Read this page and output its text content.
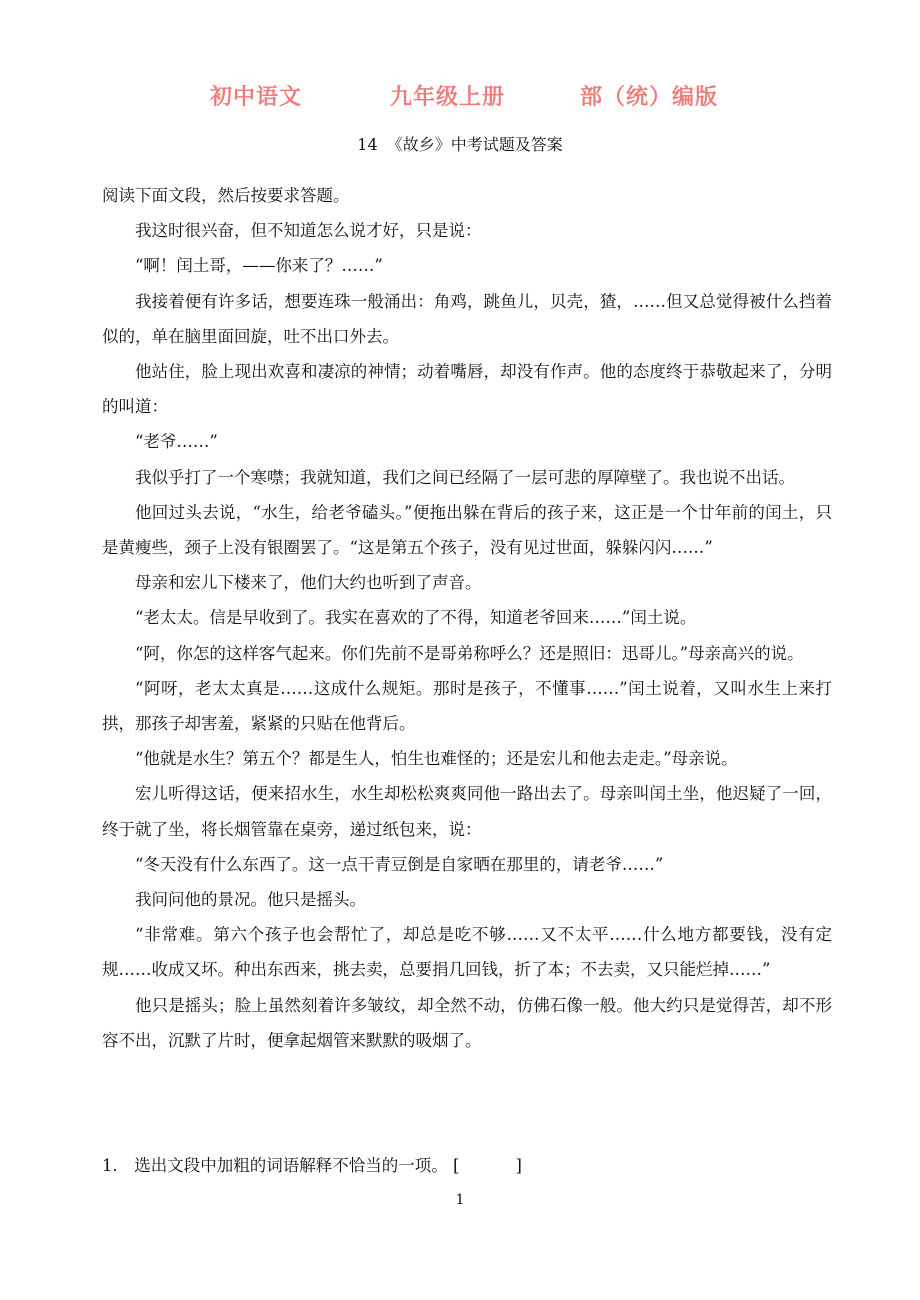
初中语文	九年级上册	部（统）编版
14 《故乡》中考试题及答案

阅读下面文段，然后按要求答题。

我这时很兴奋，但不知道怎么说才好，只是说：

“啊！闰土哥，——你来了？……”

我接着便有许多话，想要连珠一般涌出：角鸡，跳鱼儿，贝壳，猹，……但又总觉得被什么挡着似的，单在脑里面回旋，吐不出口外去。

他站住，脸上现出欢喜和凄凉的神情；动着嘴唇，却没有作声。他的态度终于恭敬起来了，分明的叫道：

“老爷……”

我似乎打了一个寒噤；我就知道，我们之间已经隔了一层可悲的厚障壁了。我也说不出话。

他回过头去说，“水生，给老爷磕头。”便拖出躲在背后的孩子来，这正是一个廿年前的闰土，只是黄瘦些，颈子上没有银圈罢了。“这是第五个孩子，没有见过世面，躲躲闪闪……”

母亲和宏儿下楼来了，他们大约也听到了声音。

“老太太。信是早收到了。我实在喜欢的了不得，知道老爷回来……”闰土说。

“阿，你怎的这样客气起来。你们先前不是哥弟称呼么？还是照旧：迅哥儿。”母亲高兴的说。

“阿呀，老太太真是……这成什么规矩。那时是孩子，不懂事……”闰土说着，又叫水生上来打拱，那孩子却害羞，紧紧的只贴在他背后。

“他就是水生？第五个？都是生人，怕生也难怪的；还是宏儿和他去走走。”母亲说。

宏儿听得这话，便来招水生，水生却松松爽爽同他一路出去了。母亲叫闰土坐，他迟疑了一回，终于就了坐，将长烟管靠在桌旁，递过纸包来，说：

“冬天没有什么东西了。这一点干青豆倒是自家晒在那里的，请老爷……”

我问问他的景况。他只是摇头。

“非常难。第六个孩子也会帮忙了，却总是吃不够……又不太平……什么地方都要钱，没有定规……收成又坏。种出东西来，挑去卖，总要捐几回钱，折了本；不去卖，又只能烂掉……”

他只是摇头；脸上虽然刻着许多皱纹，却全然不动，仿佛石像一般。他大约只是觉得苦，却不形容不出，沉默了片时，便拿起烟管来默默的吸烟了。

1． 选出文段中加粗的词语解释不恰当的一项。 [	]
1
